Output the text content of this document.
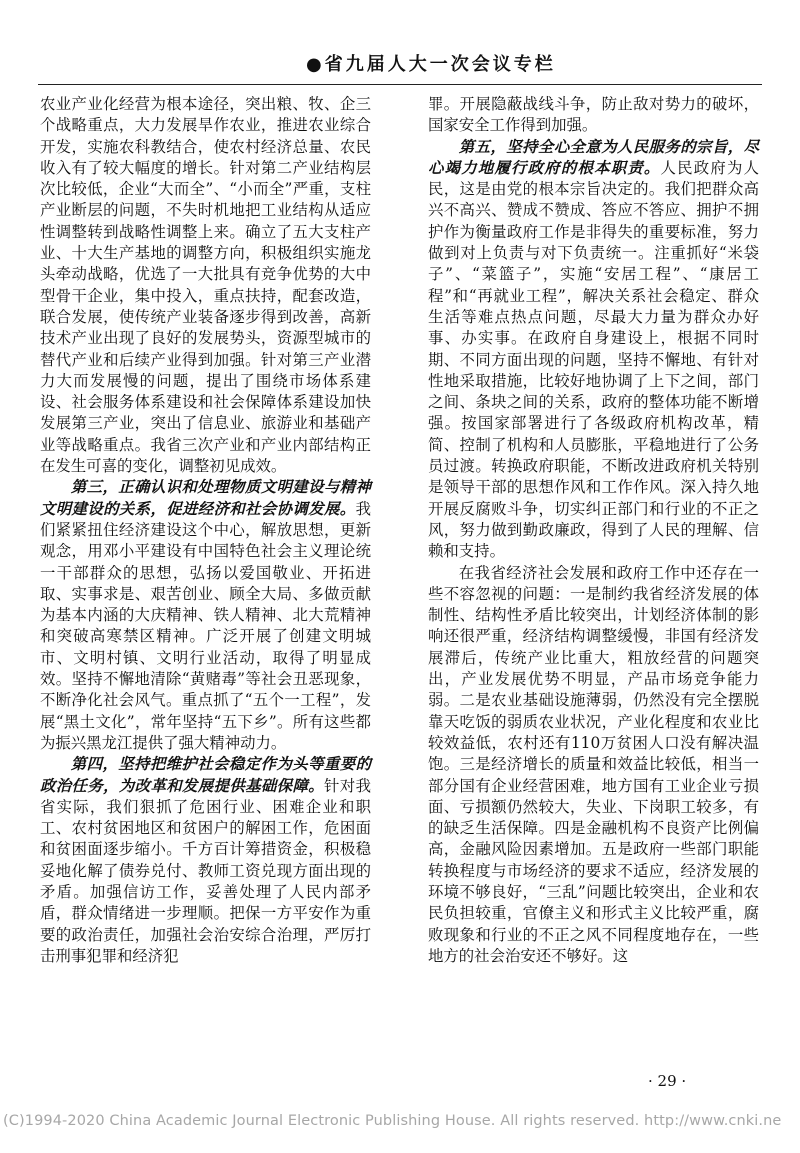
●省九届人大一次会议专栏

农业产业化经营为根本途径，突出粮、牧、企三个战略重点，大力发展旱作农业，推进农业综合开发，实施农科教结合，使农村经济总量、农民收入有了较大幅度的增长。针对第二产业结构层次比较低，企业“大而全”、“小而全”严重，支柱产业断层的问题，不失时机地把工业结构从适应性调整转到战略性调整上来。确立了五大支柱产业、十大生产基地的调整方向，积极组织实施龙头牵动战略，优选了一大批具有竞争优势的大中型骨干企业，集中投入，重点扶持，配套改造，联合发展，使传统产业装备逐步得到改善，高新技术产业出现了良好的发展势头，资源型城市的替代产业和后续产业得到加强。针对第三产业潜力大而发展慢的问题，提出了围绕市场体系建设、社会服务体系建设和社会保障体系建设加快发展第三产业，突出了信息业、旅游业和基础产业等战略重点。我省三次产业和产业内部结构正在发生可喜的变化，调整初见成效。

第三，正确认识和处理物质文明建设与精神文明建设的关系，促进经济和社会协调发展。我们紧紧扭住经济建设这个中心，解放思想，更新观念，用邓小平建设有中国特色社会主义理论统一干部群众的思想，弘扬以爱国敬业、开拓进取、实事求是、艰苦创业、顾全大局、多做贡献为基本内涵的大庆精神、铁人精神、北大荒精神和突破高寒禁区精神。广泛开展了创建文明城市、文明村镇、文明行业活动，取得了明显成效。坚持不懈地清除“黄赌毒”等社会丑恶现象，不断净化社会风气。重点抓了“五个一工程”，发展“黑土文化”，常年坚持“五下乡”。所有这些都为振兴黑龙江提供了强大精神动力。

第四，坚持把维护社会稳定作为头等重要的政治任务，为改革和发展提供基础保障。针对我省实际，我们狠抓了危困行业、困难企业和职工、农村贫困地区和贫困户的解困工作，危困面和贫困面逐步缩小。千方百计筹措资金，积极稳妥地化解了债券兑付、教师工资兑现方面出现的矛盾。加强信访工作，妥善处理了人民内部矛盾，群众情绪进一步理顺。把保一方平安作为重要的政治责任，加强社会治安综合治理，严厉打击刑事犯罪和经济犯

罪。开展隐蔽战线斗争，防止敌对势力的破坏，国家安全工作得到加强。

第五，坚持全心全意为人民服务的宗旨，尽心竭力地履行政府的根本职责。人民政府为人民，这是由党的根本宗旨决定的。我们把群众高兴不高兴、赞成不赞成、答应不答应、拥护不拥护作为衡量政府工作是非得失的重要标准，努力做到对上负责与对下负责统一。注重抓好“米袋子”、“菜篮子”，实施“安居工程”、“康居工程”和“再就业工程”，解决关系社会稳定、群众生活等难点热点问题，尽最大力量为群众办好事、办实事。在政府自身建设上，根据不同时期、不同方面出现的问题，坚持不懈地、有针对性地采取措施，比较好地协调了上下之间，部门之间、条块之间的关系，政府的整体功能不断增强。按国家部署进行了各级政府机构改革，精简、控制了机构和人员膨胀，平稳地进行了公务员过渡。转换政府职能，不断改进政府机关特别是领导干部的思想作风和工作作风。深入持久地开展反腐败斗争，切实纠正部门和行业的不正之风，努力做到勤政廉政，得到了人民的理解、信赖和支持。

在我省经济社会发展和政府工作中还存在一些不容忽视的问题：一是制约我省经济发展的体制性、结构性矛盾比较突出，计划经济体制的影响还很严重，经济结构调整缓慢，非国有经济发展滞后，传统产业比重大，粗放经营的问题突出，产业发展优势不明显，产品市场竞争能力弱。二是农业基础设施薄弱，仍然没有完全摆脱靠天吃饭的弱质农业状况，产业化程度和农业比较效益低，农村还有110万贫困人口没有解决温饱。三是经济增长的质量和效益比较低，相当一部分国有企业经营困难，地方国有工业企业亏损面、亏损额仍然较大，失业、下岗职工较多，有的缺乏生活保障。四是金融机构不良资产比例偏高，金融风险因素增加。五是政府一些部门职能转换程度与市场经济的要求不适应，经济发展的环境不够良好，“三乱”问题比较突出，企业和农民负担较重，官僚主义和形式主义比较严重，腐败现象和行业的不正之风不同程度地存在，一些地方的社会治安还不够好。这

· 29 ·
(C)1994-2020 China Academic Journal Electronic Publishing House. All rights reserved. http://www.cnki.ne
